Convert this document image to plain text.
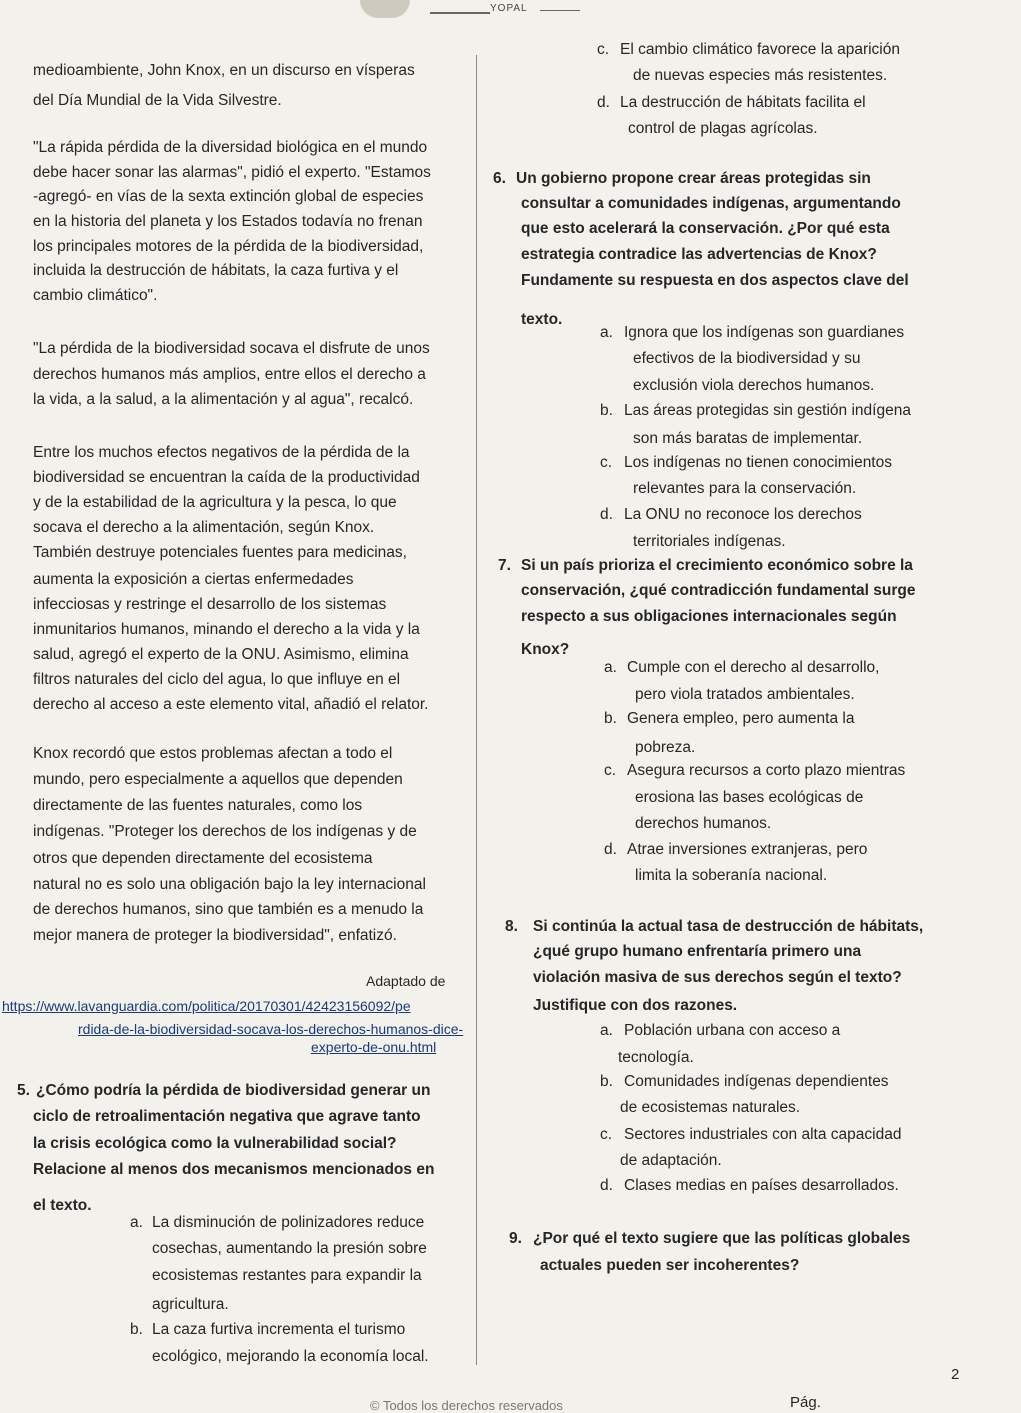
YOPAL
medioambiente, John Knox, en un discurso en vísperas
del Día Mundial de la Vida Silvestre.
"La rápida pérdida de la diversidad biológica en el mundo
debe hacer sonar las alarmas", pidió el experto. "Estamos
-agregó- en vías de la sexta extinción global de especies
en la historia del planeta y los Estados todavía no frenan
los principales motores de la pérdida de la biodiversidad,
incluida la destrucción de hábitats, la caza furtiva y el
cambio climático".
"La pérdida de la biodiversidad socava el disfrute de unos
derechos humanos más amplios, entre ellos el derecho a
la vida, a la salud, a la alimentación y al agua", recalcó.
Entre los muchos efectos negativos de la pérdida de la
biodiversidad se encuentran la caída de la productividad
y de la estabilidad de la agricultura y la pesca, lo que
socava el derecho a la alimentación, según Knox.
También destruye potenciales fuentes para medicinas,
aumenta la exposición a ciertas enfermedades
infecciosas y restringe el desarrollo de los sistemas
inmunitarios humanos, minando el derecho a la vida y la
salud, agregó el experto de la ONU. Asimismo, elimina
filtros naturales del ciclo del agua, lo que influye en el
derecho al acceso a este elemento vital, añadió el relator.
Knox recordó que estos problemas afectan a todo el
mundo, pero especialmente a aquellos que dependen
directamente de las fuentes naturales, como los
indígenas. "Proteger los derechos de los indígenas y de
otros que dependen directamente del ecosistema
natural no es solo una obligación bajo la ley internacional
de derechos humanos, sino que también es a menudo la
mejor manera de proteger la biodiversidad", enfatizó.
Adaptado de
https://www.lavanguardia.com/politica/20170301/42423156092/pe
rdida-de-la-biodiversidad-socava-los-derechos-humanos-dice-
experto-de-onu.html
5. ¿Cómo podría la pérdida de biodiversidad generar un
ciclo de retroalimentación negativa que agrave tanto
la crisis ecológica como la vulnerabilidad social?
Relacione al menos dos mecanismos mencionados en
el texto.
a. La disminución de polinizadores reduce
cosechas, aumentando la presión sobre
ecosistemas restantes para expandir la
agricultura.
b. La caza furtiva incrementa el turismo
ecológico, mejorando la economía local.
c. El cambio climático favorece la aparición
de nuevas especies más resistentes.
d. La destrucción de hábitats facilita el
control de plagas agrícolas.
6. Un gobierno propone crear áreas protegidas sin
consultar a comunidades indígenas, argumentando
que esto acelerará la conservación. ¿Por qué esta
estrategia contradice las advertencias de Knox?
Fundamente su respuesta en dos aspectos clave del
texto.
a. Ignora que los indígenas son guardianes
efectivos de la biodiversidad y su
exclusión viola derechos humanos.
b. Las áreas protegidas sin gestión indígena
son más baratas de implementar.
c. Los indígenas no tienen conocimientos
relevantes para la conservación.
d. La ONU no reconoce los derechos
territoriales indígenas.
7. Si un país prioriza el crecimiento económico sobre la
conservación, ¿qué contradicción fundamental surge
respecto a sus obligaciones internacionales según
Knox?
a. Cumple con el derecho al desarrollo,
pero viola tratados ambientales.
b. Genera empleo, pero aumenta la
pobreza.
c. Asegura recursos a corto plazo mientras
erosiona las bases ecológicas de
derechos humanos.
d. Atrae inversiones extranjeras, pero
limita la soberanía nacional.
8. Si continúa la actual tasa de destrucción de hábitats,
¿qué grupo humano enfrentaría primero una
violación masiva de sus derechos según el texto?
Justifique con dos razones.
a. Población urbana con acceso a
tecnología.
b. Comunidades indígenas dependientes
de ecosistemas naturales.
c. Sectores industriales con alta capacidad
de adaptación.
d. Clases medias en países desarrollados.
9. ¿Por qué el texto sugiere que las políticas globales
actuales pueden ser incoherentes?
2
© Todos los derechos reservados	Pág.
